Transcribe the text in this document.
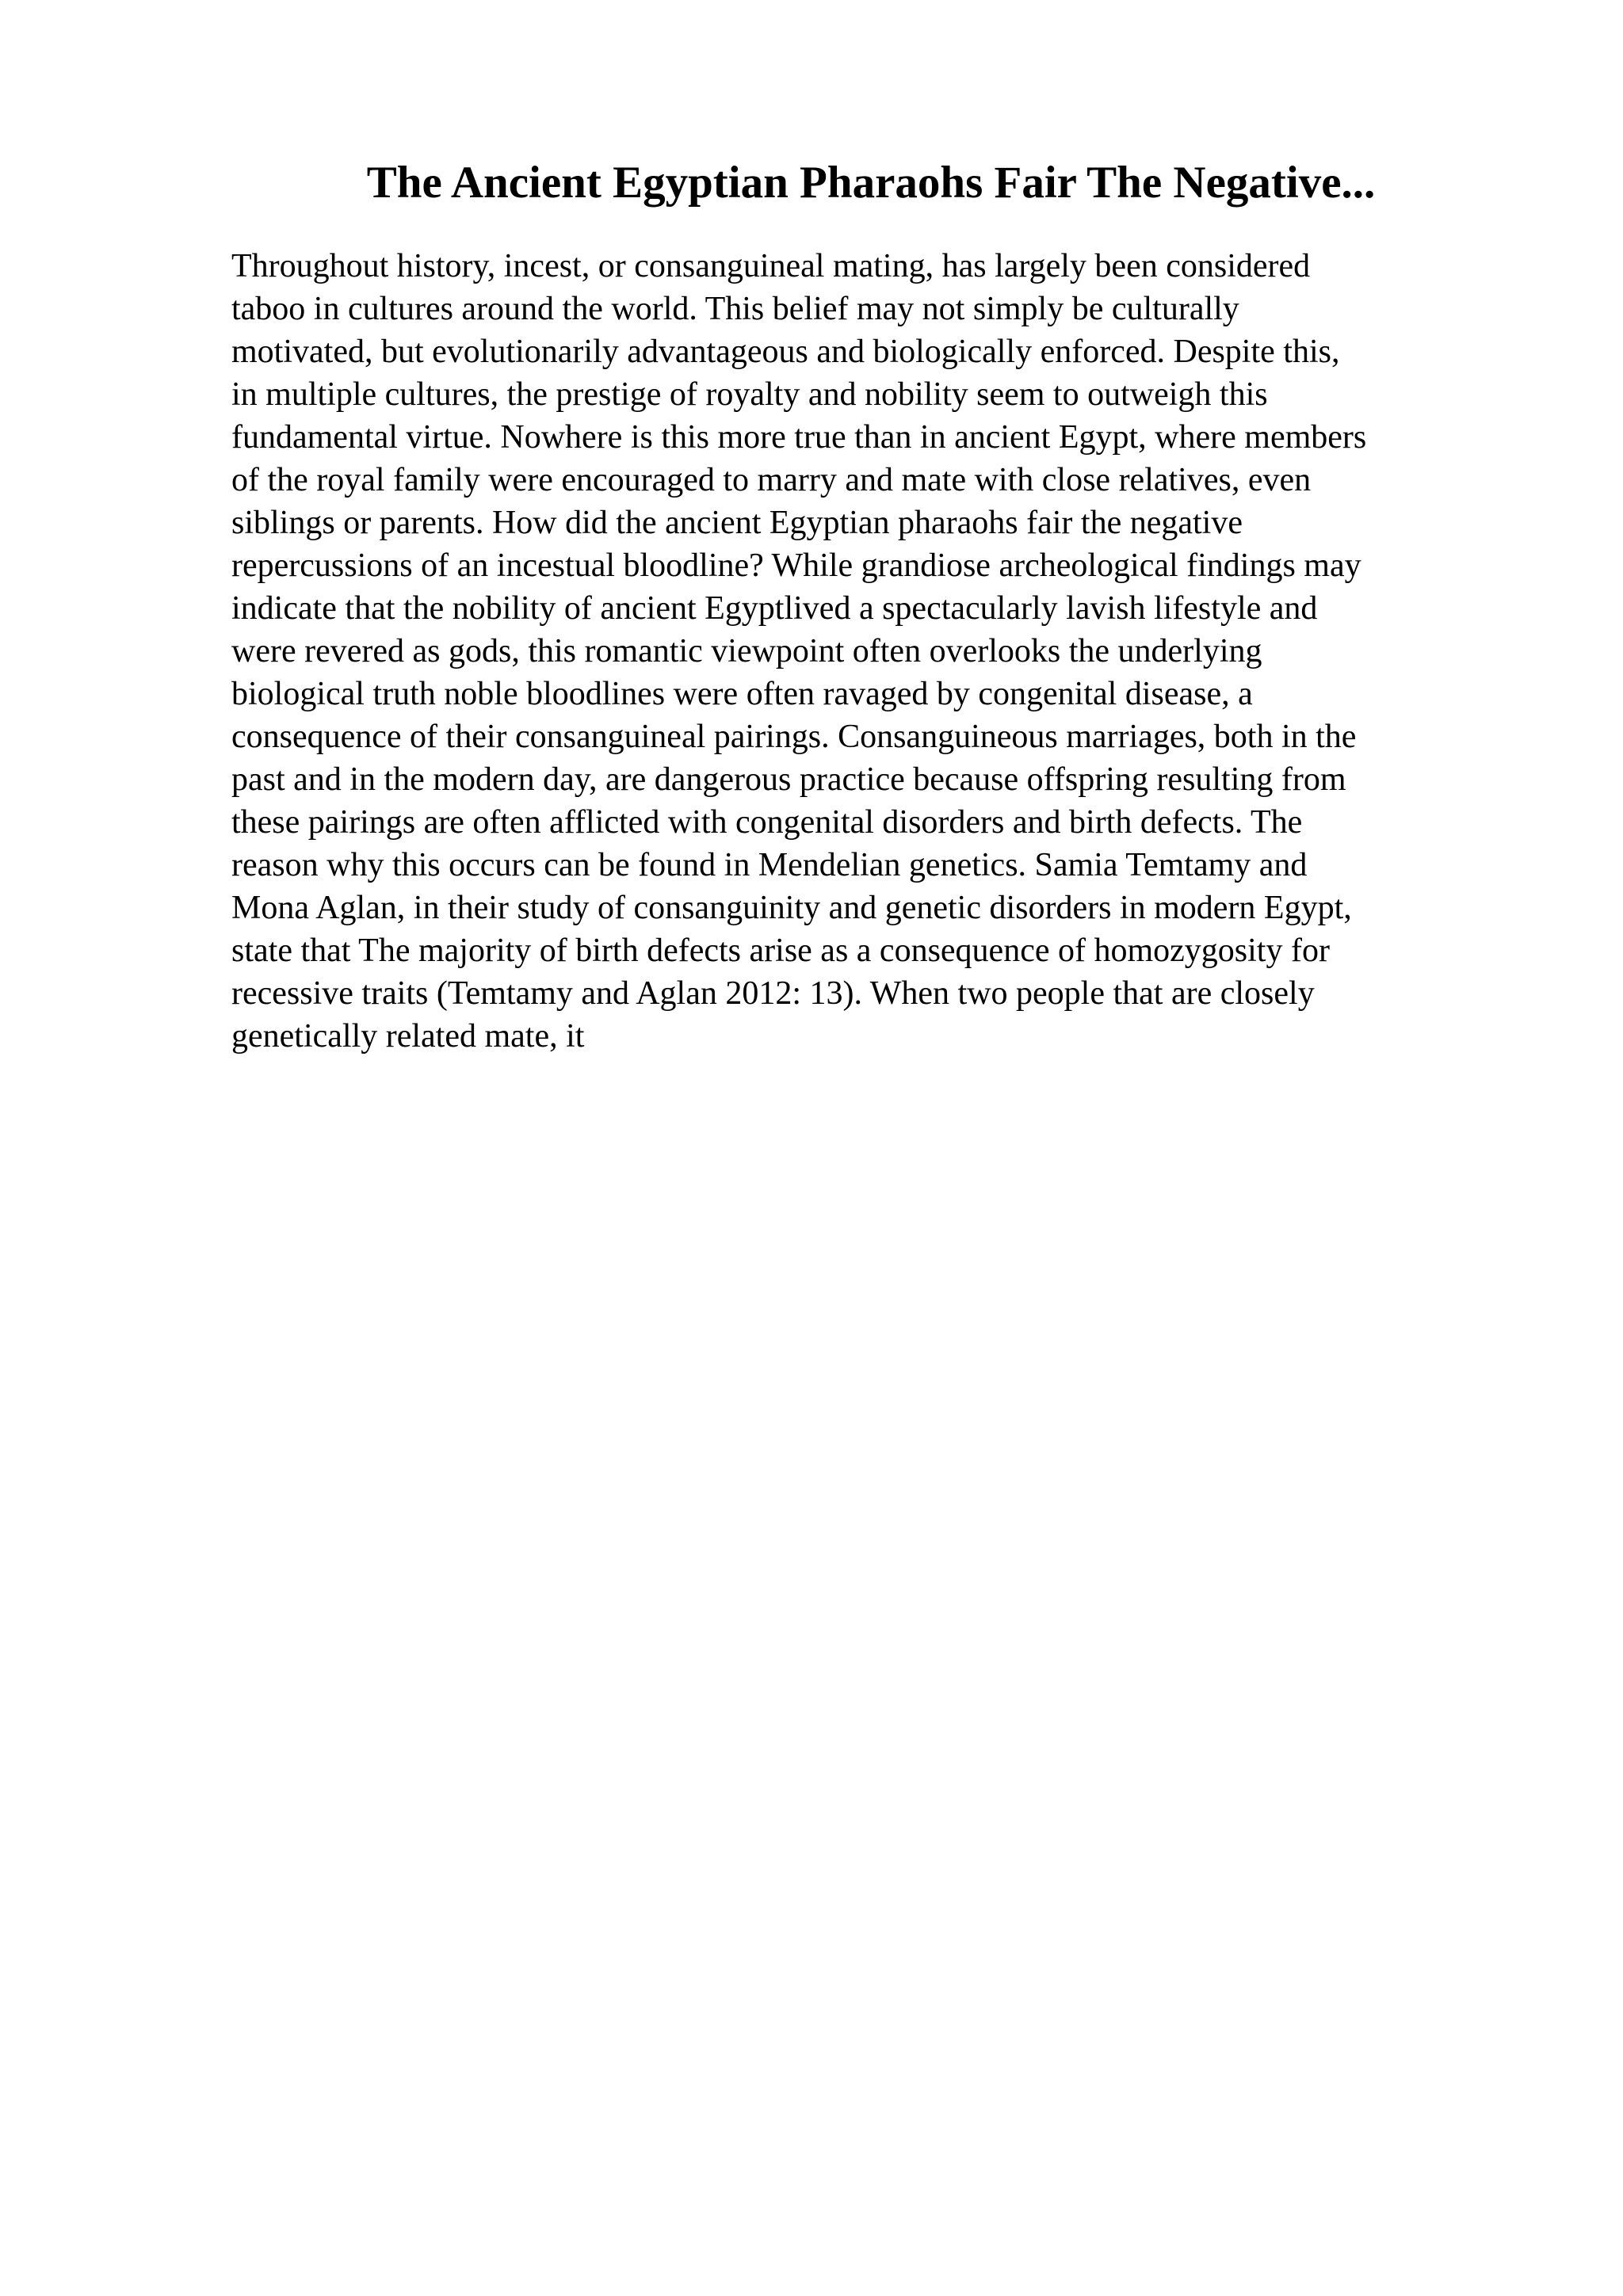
The Ancient Egyptian Pharaohs Fair The Negative...
Throughout history, incest, or consanguineal mating, has largely been considered
taboo in cultures around the world. This belief may not simply be culturally
motivated, but evolutionarily advantageous and biologically enforced. Despite this,
in multiple cultures, the prestige of royalty and nobility seem to outweigh this
fundamental virtue. Nowhere is this more true than in ancient Egypt, where members
of the royal family were encouraged to marry and mate with close relatives, even
siblings or parents. How did the ancient Egyptian pharaohs fair the negative
repercussions of an incestual bloodline? While grandiose archeological findings may
indicate that the nobility of ancient Egyptlived a spectacularly lavish lifestyle and
were revered as gods, this romantic viewpoint often overlooks the underlying
biological truth noble bloodlines were often ravaged by congenital disease, a
consequence of their consanguineal pairings. Consanguineous marriages, both in the
past and in the modern day, are dangerous practice because offspring resulting from
these pairings are often afflicted with congenital disorders and birth defects. The
reason why this occurs can be found in Mendelian genetics. Samia Temtamy and
Mona Aglan, in their study of consanguinity and genetic disorders in modern Egypt,
state that The majority of birth defects arise as a consequence of homozygosity for
recessive traits (Temtamy and Aglan 2012: 13). When two people that are closely
genetically related mate, it
